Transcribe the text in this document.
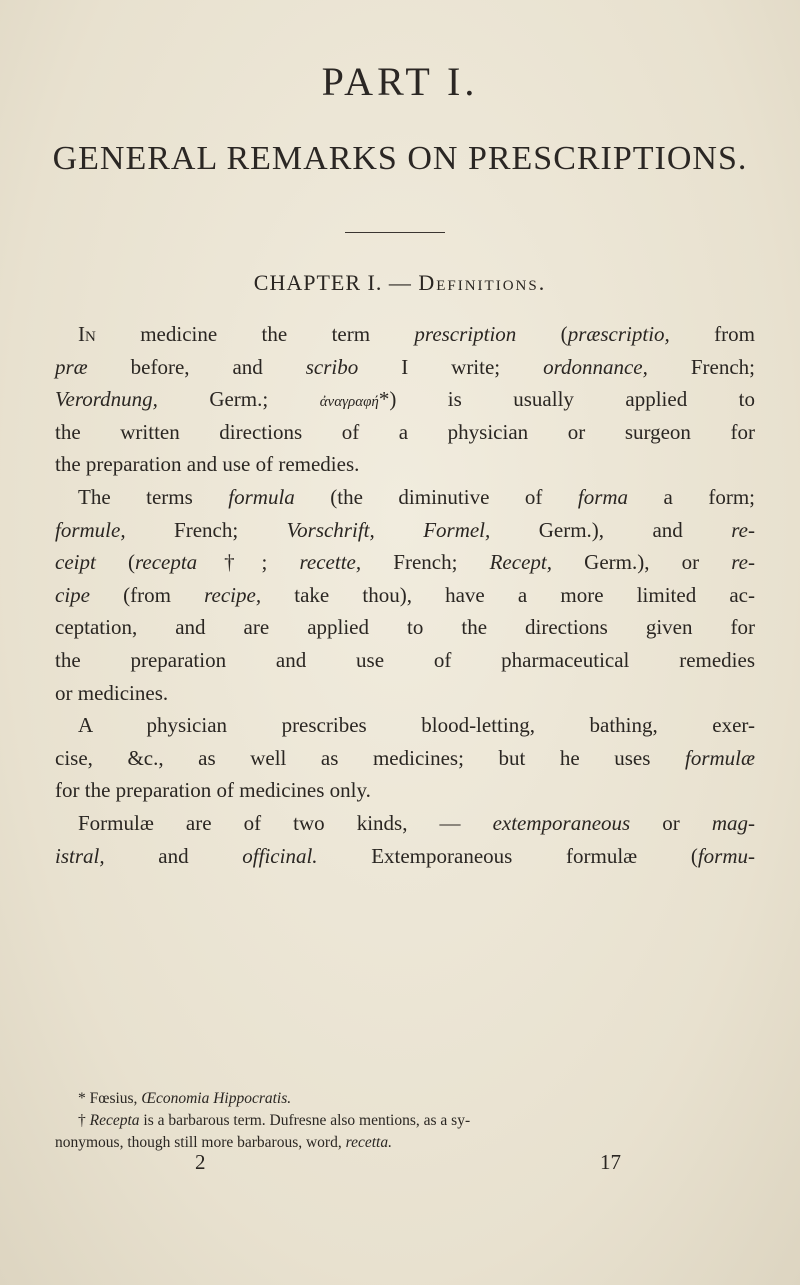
PART I.
GENERAL REMARKS ON PRESCRIPTIONS.
CHAPTER I. — Definitions.
In medicine the term prescription (præscriptio, from
præ before, and scribo I write; ordonnance, French;
Verordnung, Germ.; ἀναγραφή*) is usually applied to
the written directions of a physician or surgeon for
the preparation and use of remedies.
The terms formula (the diminutive of forma a form;
formule, French; Vorschrift, Formel, Germ.), and re-
ceipt (recepta†; recette, French; Recept, Germ.), or re-
cipe (from recipe, take thou), have a more limited ac-
ceptation, and are applied to the directions given for
the preparation and use of pharmaceutical remedies
or medicines.
A physician prescribes blood-letting, bathing, exer-
cise, &c., as well as medicines; but he uses formulæ
for the preparation of medicines only.
Formulæ are of two kinds, — extemporaneous or mag-
istral, and officinal. Extemporaneous formulæ (formu-
* Fœsius, Œconomia Hippocratis.
† Recepta is a barbarous term. Dufresne also mentions, as a sy-
nonymous, though still more barbarous, word, recetta.
2	17
